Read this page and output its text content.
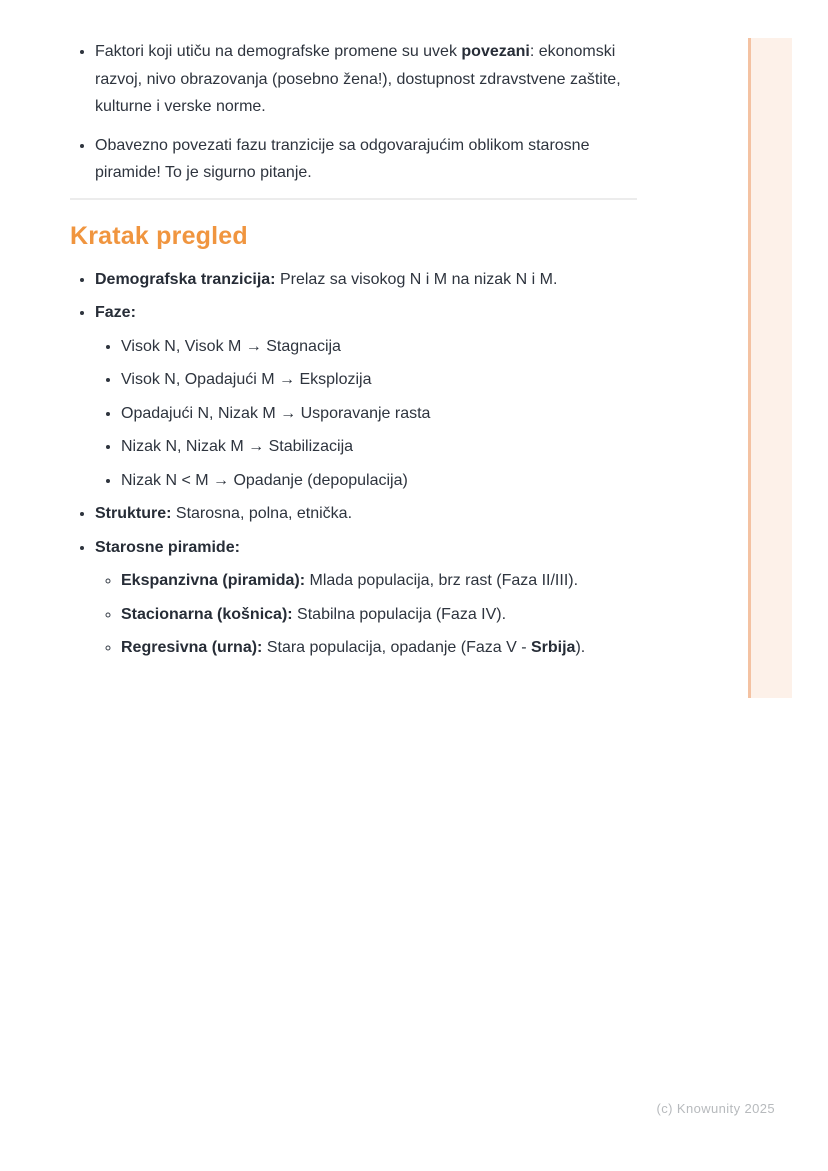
• Faktori koji utiču na demografske promene su uvek povezani: ekonomski razvoj, nivo obrazovanja (posebno žena!), dostupnost zdravstvene zaštite, kulturne i verske norme.
• Obavezno povezati fazu tranzicije sa odgovarajućim oblikom starosne piramide! To je sigurno pitanje.
Kratak pregled
• Demografska tranzicija: Prelaz sa visokog N i M na nizak N i M.
• Faze:
• Visok N, Visok M → Stagnacija
• Visok N, Opadajući M → Eksplozija
• Opadajući N, Nizak M → Usporavanje rasta
• Nizak N, Nizak M → Stabilizacija
• Nizak N < M → Opadanje (depopulacija)
• Strukture: Starosna, polna, etnička.
• Starosne piramide:
◦ Ekspanzivna (piramida): Mlada populacija, brz rast (Faza II/III).
◦ Stacionarna (košnica): Stabilna populacija (Faza IV).
◦ Regresivna (urna): Stara populacija, opadanje (Faza V - Srbija).
(c) Knowunity 2025
